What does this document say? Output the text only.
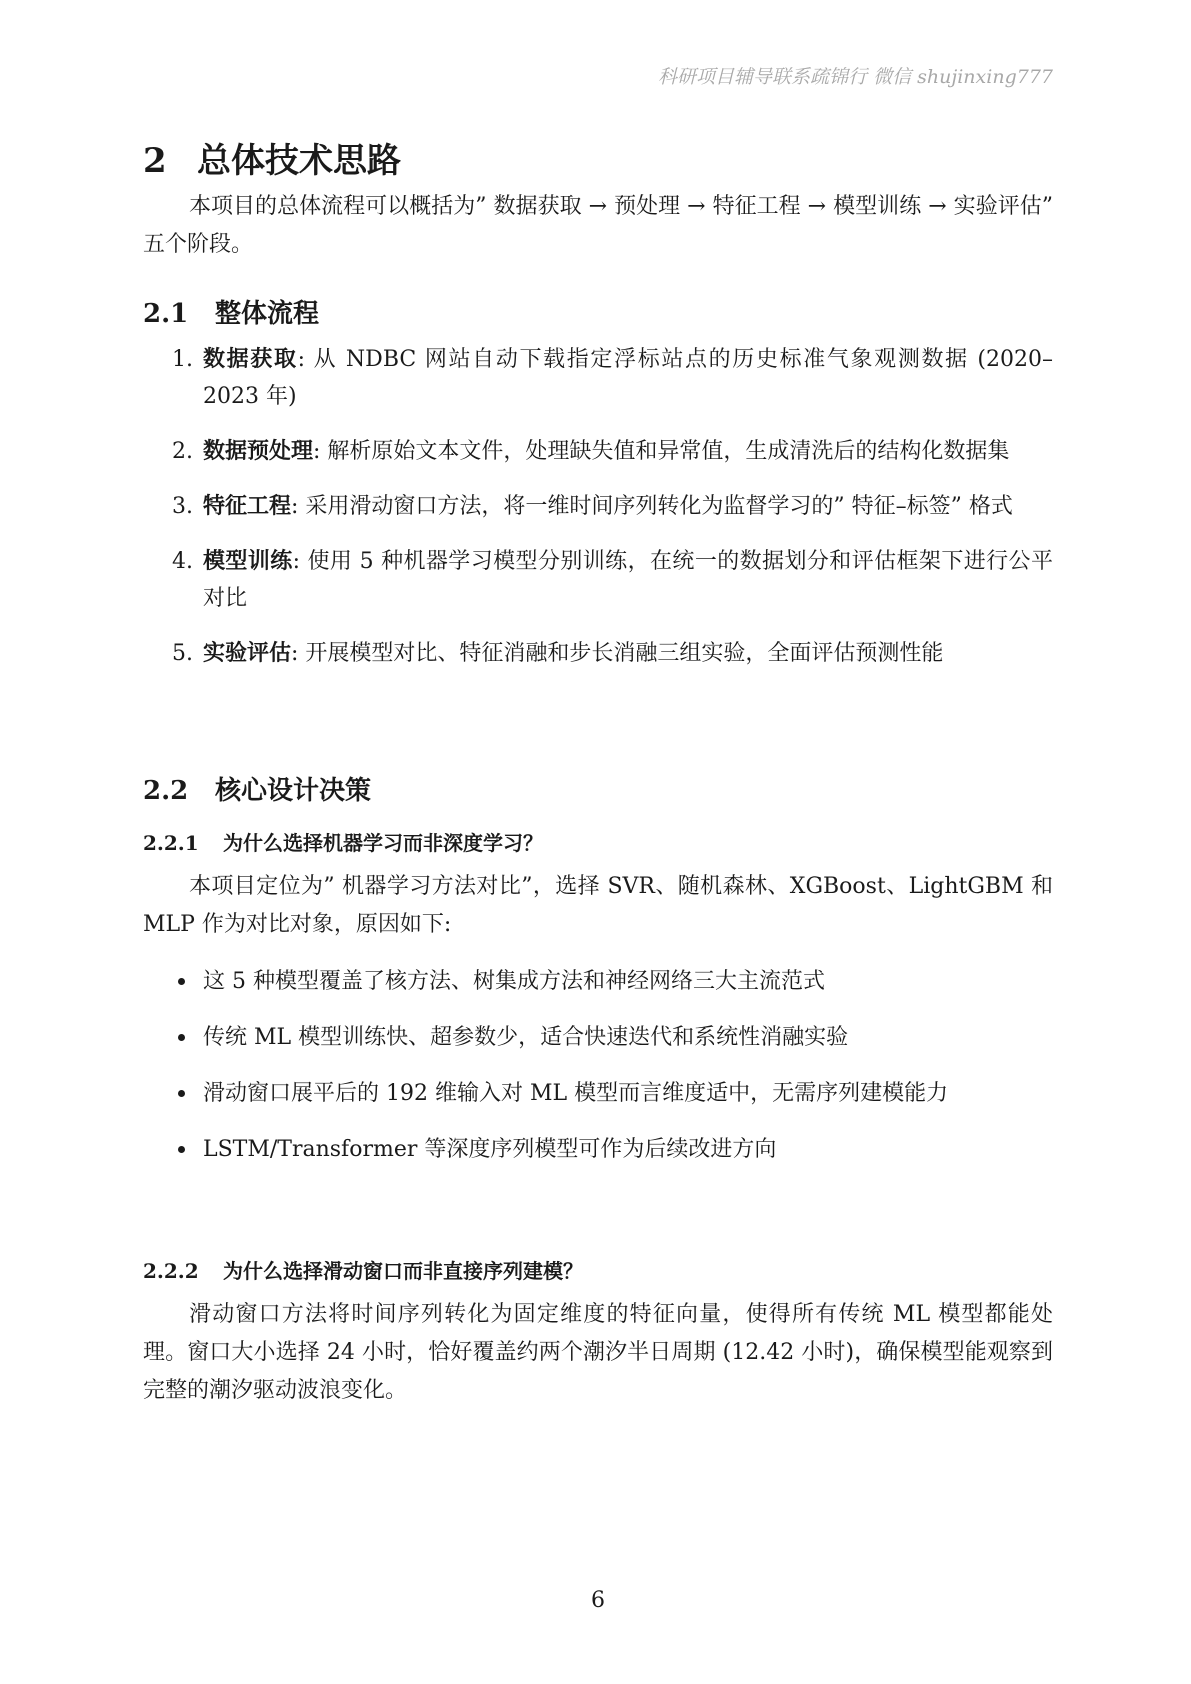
科研项目辅导联系疏锦行 微信 shujinxing777
2 总体技术思路

本项目的总体流程可以概括为” 数据获取 → 预处理 → 特征工程 → 模型训练 → 实验评估” 五个阶段。

2.1 整体流程
1. 数据获取: 从 NDBC 网站自动下载指定浮标站点的历史标准气象观测数据 (2020–2023 年)
2. 数据预处理: 解析原始文本文件，处理缺失值和异常值，生成清洗后的结构化数据集
3. 特征工程: 采用滑动窗口方法，将一维时间序列转化为监督学习的” 特征–标签” 格式
4. 模型训练: 使用 5 种机器学习模型分别训练，在统一的数据划分和评估框架下进行公平对比
5. 实验评估: 开展模型对比、特征消融和步长消融三组实验，全面评估预测性能
2.2 核心设计决策
2.2.1 为什么选择机器学习而非深度学习？

本项目定位为” 机器学习方法对比”，选择 SVR、随机森林、XGBoost、LightGBM 和 MLP 作为对比对象，原因如下:

这 5 种模型覆盖了核方法、树集成方法和神经网络三大主流范式
传统 ML 模型训练快、超参数少，适合快速迭代和系统性消融实验
滑动窗口展平后的 192 维输入对 ML 模型而言维度适中，无需序列建模能力
LSTM/Transformer 等深度序列模型可作为后续改进方向
2.2.2 为什么选择滑动窗口而非直接序列建模？

滑动窗口方法将时间序列转化为固定维度的特征向量，使得所有传统 ML 模型都能处理。窗口大小选择 24 小时，恰好覆盖约两个潮汐半日周期 (12.42 小时)，确保模型能观察到完整的潮汐驱动波浪变化。

6
